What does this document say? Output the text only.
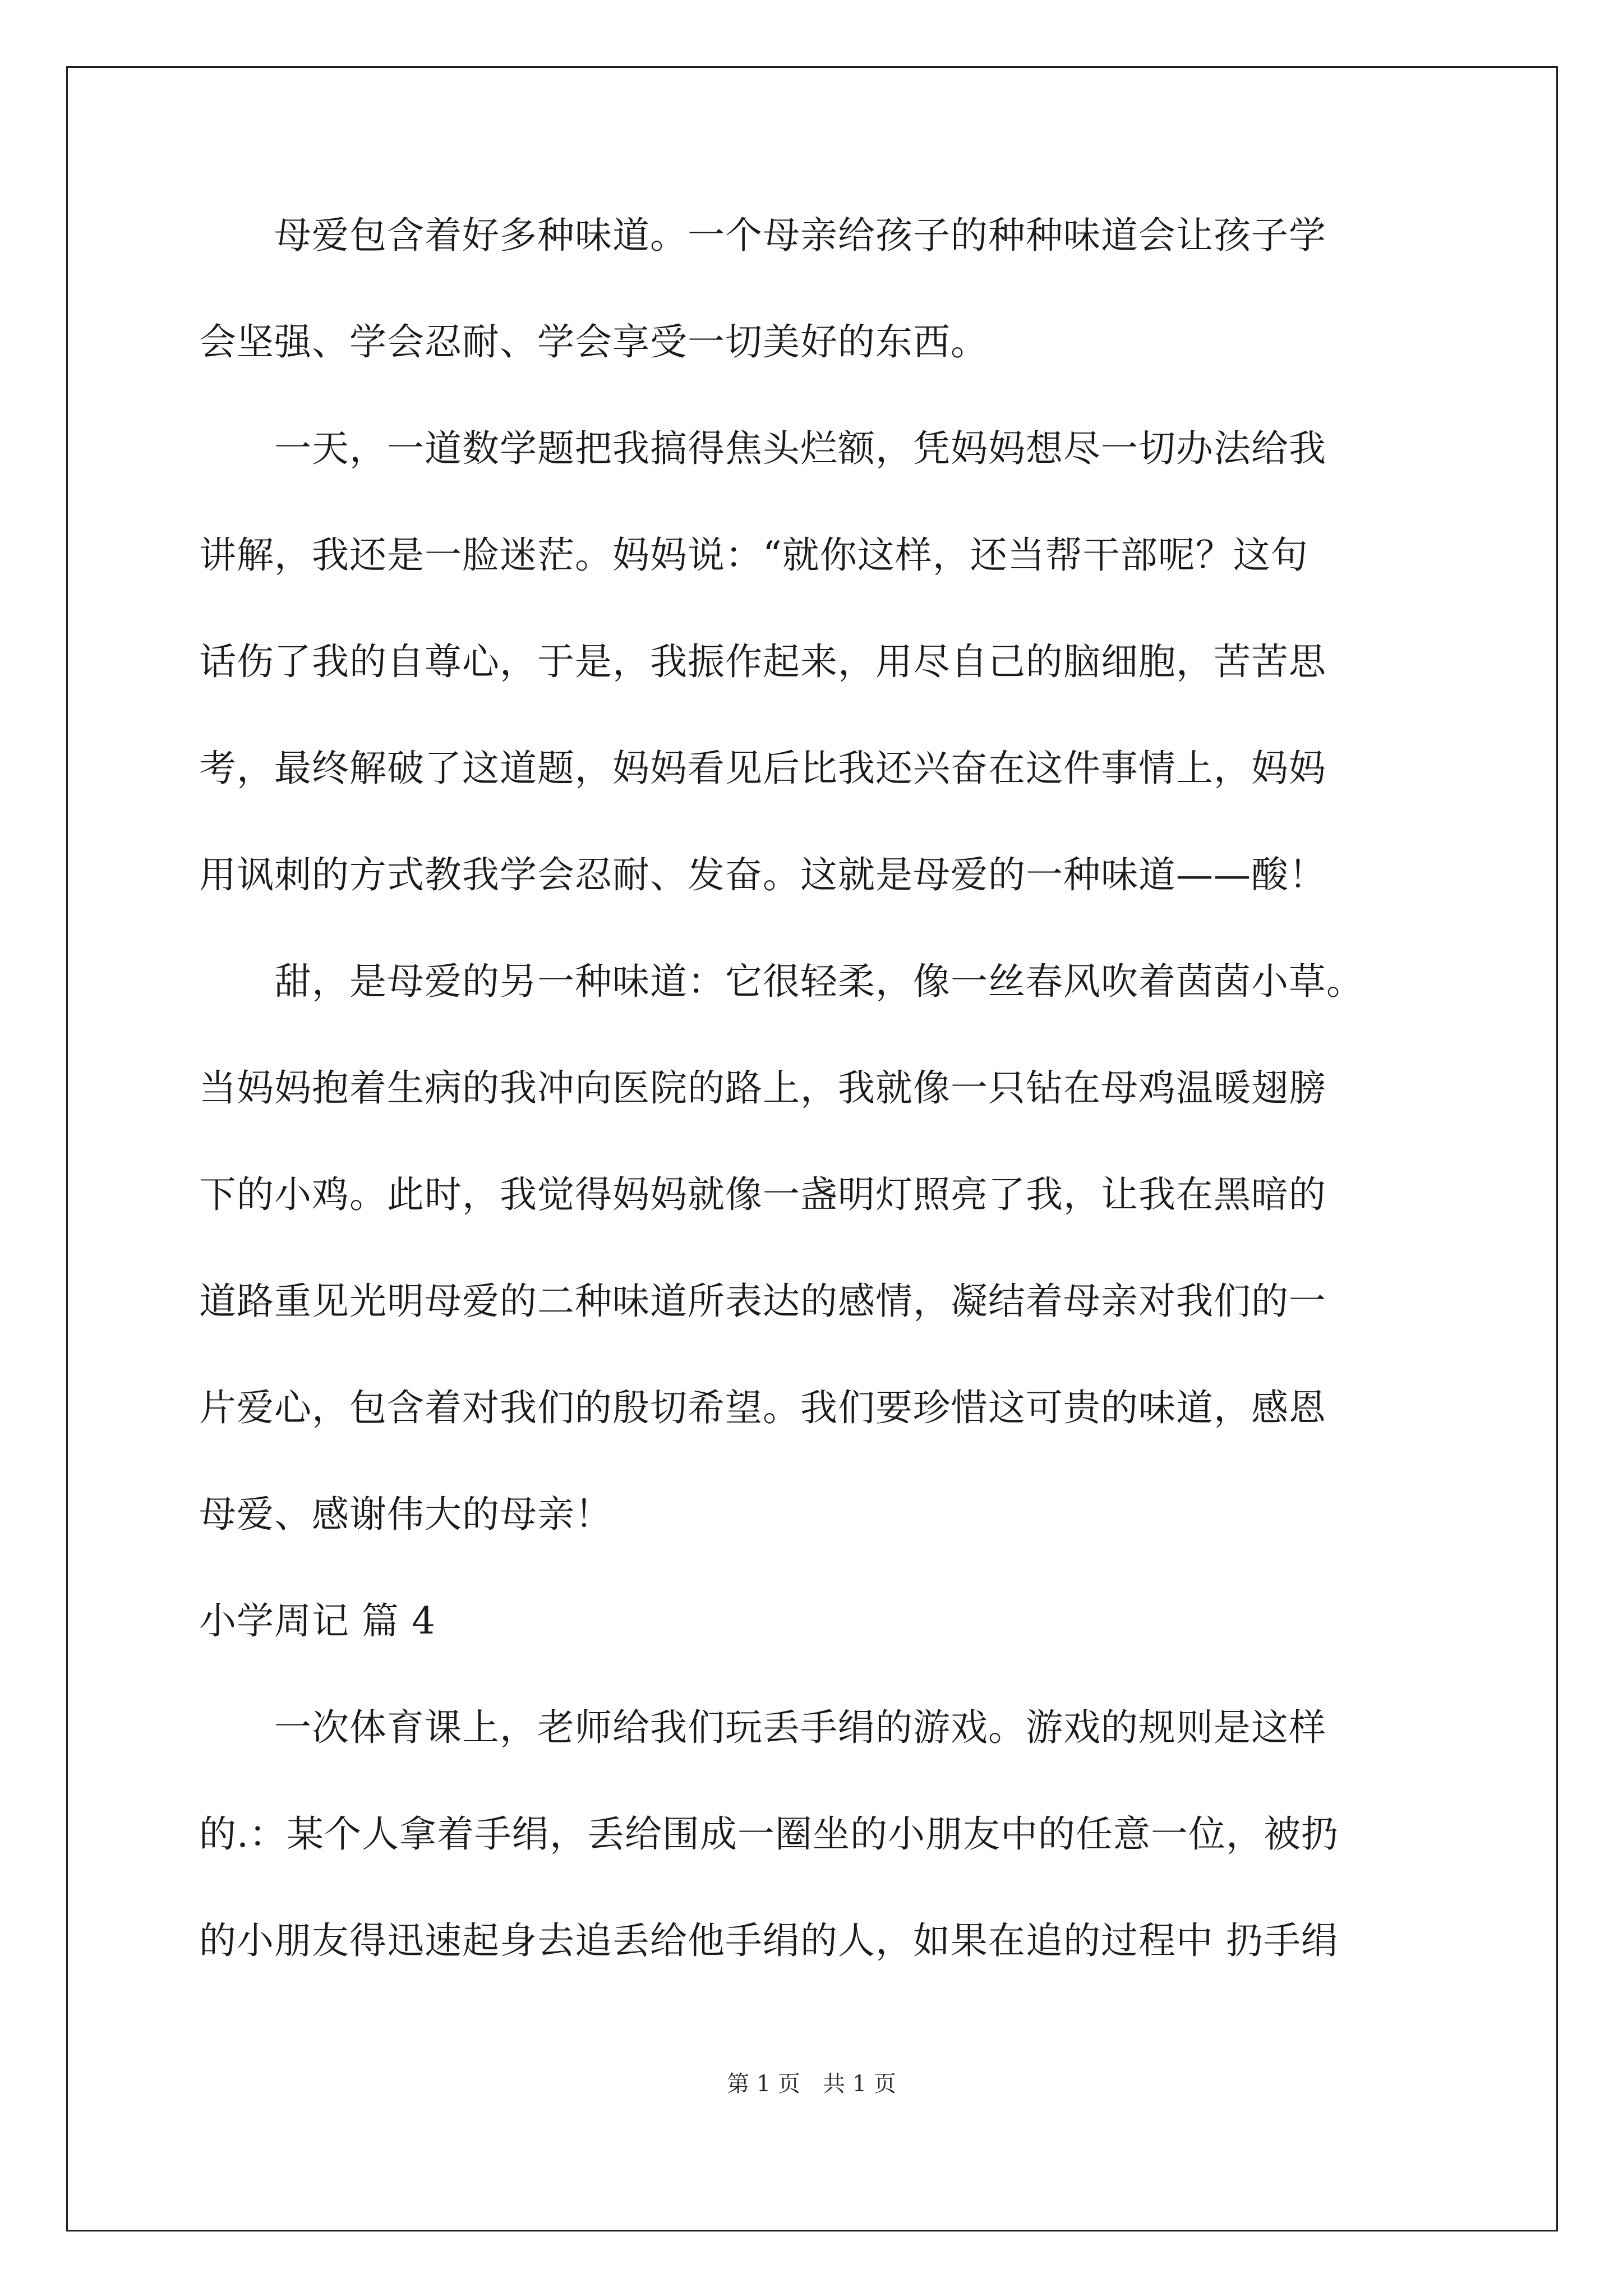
　　母爱包含着好多种味道。一个母亲给孩子的种种味道会让孩子学
会坚强、学会忍耐、学会享受一切美好的东西。
　　一天，一道数学题把我搞得焦头烂额，凭妈妈想尽一切办法给我
讲解，我还是一脸迷茫。妈妈说：“就你这样，还当帮干部呢？这句
话伤了我的自尊心，于是，我振作起来，用尽自己的脑细胞，苦苦思
考，最终解破了这道题，妈妈看见后比我还兴奋在这件事情上，妈妈
用讽刺的方式教我学会忍耐、发奋。这就是母爱的一种味道——酸！
　　甜，是母爱的另一种味道：它很轻柔，像一丝春风吹着茵茵小草。
当妈妈抱着生病的我冲向医院的路上，我就像一只钻在母鸡温暖翅膀
下的小鸡。此时，我觉得妈妈就像一盏明灯照亮了我，让我在黑暗的
道路重见光明母爱的二种味道所表达的感情，凝结着母亲对我们的一
片爱心，包含着对我们的殷切希望。我们要珍惜这可贵的味道，感恩
母爱、感谢伟大的母亲！
小学周记 篇 4
　　一次体育课上，老师给我们玩丢手绢的游戏。游戏的规则是这样
的.：某个人拿着手绢，丢给围成一圈坐的小朋友中的任意一位，被扔
的小朋友得迅速起身去追丢给他手绢的人，如果在追的过程中 扔手绢
第 1 页　共 1 页
